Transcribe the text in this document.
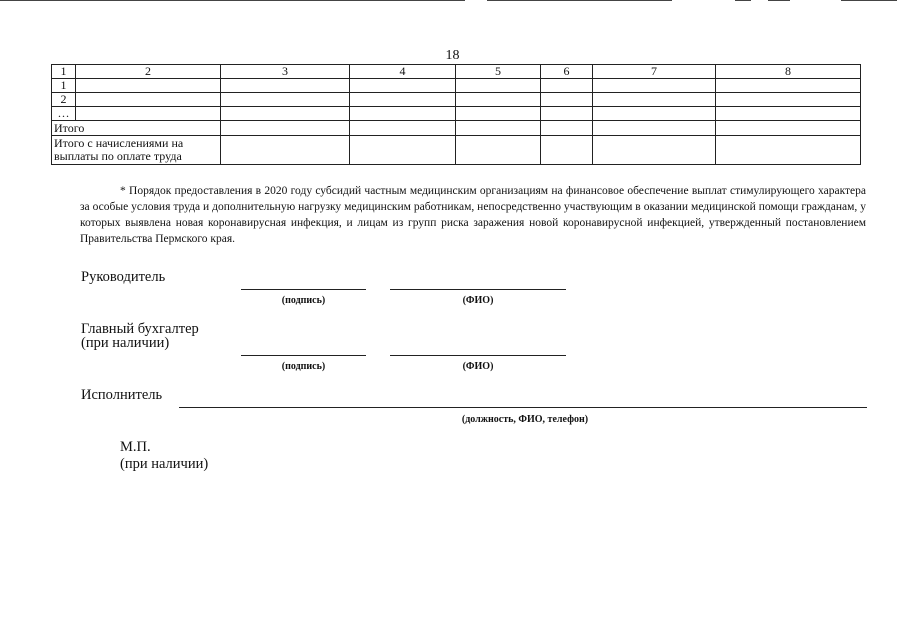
18
1	2	3	4	5	6	7	8
1							
2							
…							
Итого							
Итого с начислениями на выплаты по оплате труда							
* Порядок предоставления в 2020 году субсидий частным медицинским организациям на финансовое обеспечение выплат стимулирующего характера за особые условия труда и дополнительную нагрузку медицинским работникам, непосредственно участвующим в оказании медицинской помощи гражданам, у которых выявлена новая коронавирусная инфекция, и лицам из групп риска заражения новой коронавирусной инфекцией, утвержденный постановлением Правительства Пермского края.
Руководитель
(подпись)	(ФИО)
Главный бухгалтер
(при наличии)
(подпись)	(ФИО)
Исполнитель
(должность, ФИО, телефон)
М.П.
(при наличии)
